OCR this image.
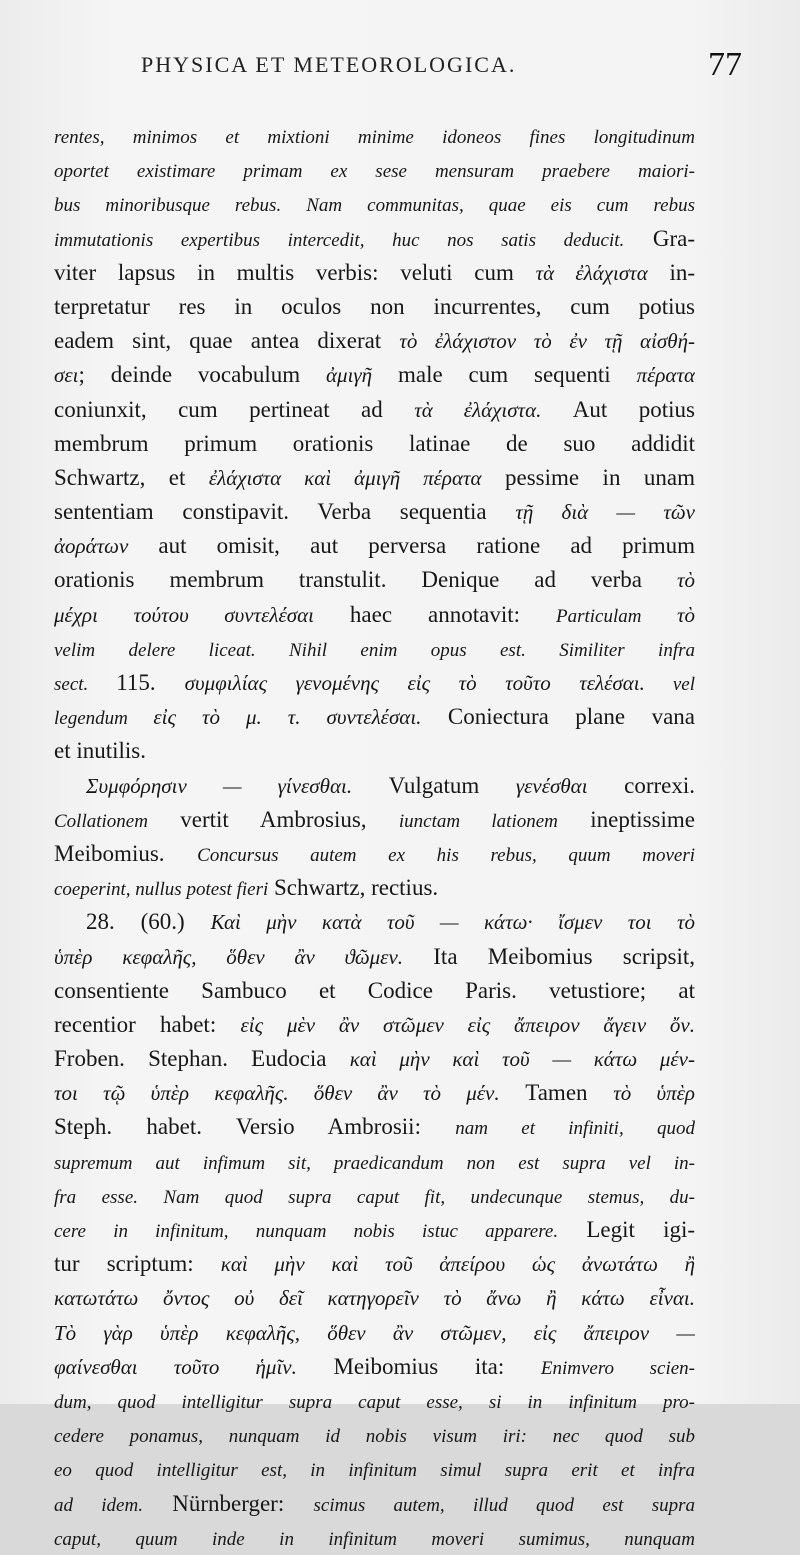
PHYSICA ET METEOROLOGICA.	77
rentes, minimos et mixtioni minime idoneos fines longitudinum
oportet existimare primam ex sese mensuram praebere maiori-
bus minoribusque rebus. Nam communitas, quae eis cum rebus
immutationis expertibus intercedit, huc nos satis deducit. Gra-
viter lapsus in multis verbis: veluti cum τὰ ἐλάχιστα in-
terpretatur res in oculos non incurrentes, cum potius
eadem sint, quae antea dixerat τὸ ἐλάχιστον τὸ ἐν τῇ αἰσθή-
σει; deinde vocabulum ἀμιγῆ male cum sequenti πέρατα
coniunxit, cum pertineat ad τὰ ἐλάχιστα. Aut potius
membrum primum orationis latinae de suo addidit
Schwartz, et ἐλάχιστα καὶ ἀμιγῆ πέρατα pessime in unam
sententiam constipavit. Verba sequentia τῇ διὰ — τῶν
ἀοράτων aut omisit, aut perversa ratione ad primum
orationis membrum transtulit. Denique ad verba τὸ
μέχρι τούτου συντελέσαι haec annotavit: Particulam τὸ
velim delere liceat. Nihil enim opus est. Similiter infra
sect. 115. συμφιλίας γενομένης εἰς τὸ τοῦτο τελέσαι. vel
legendum εἰς τὸ μ. τ. συντελέσαι. Coniectura plane vana
et inutilis.
Συμφόρησιν — γίνεσθαι. Vulgatum γενέσθαι correxi.
Collationem vertit Ambrosius, iunctam lationem ineptissime
Meibomius. Concursus autem ex his rebus, quum moveri
coeperint, nullus potest fieri Schwartz, rectius.
28. (60.) Καὶ μὴν κατὰ τοῦ — κάτω· ἴσμεν τοι τὸ
ὑπὲρ κεφαλῆς, ὅθεν ἂν ϑῶμεν. Ita Meibomius scripsit,
consentiente Sambuco et Codice Paris. vetustiore; at
recentior habet: εἰς μὲν ἂν στῶμεν εἰς ἄπειρον ἄγειν ὄν.
Froben. Stephan. Eudocia καὶ μὴν καὶ τοῦ — κάτω μέν-
τοι τῷ ὑπὲρ κεφαλῆς. ὅθεν ἂν τὸ μέν. Tamen τὸ ὑπὲρ
Steph. habet. Versio Ambrosii: nam et infiniti, quod
supremum aut infimum sit, praedicandum non est supra vel in-
fra esse. Nam quod supra caput fit, undecunque stemus, du-
cere in infinitum, nunquam nobis istuc apparere. Legit igi-
tur scriptum: καὶ μὴν καὶ τοῦ ἀπείρου ὡς ἀνωτάτω ἢ
κατωτάτω ὄντος οὐ δεῖ κατηγορεῖν τὸ ἄνω ἢ κάτω εἶναι.
Τὸ γὰρ ὑπὲρ κεφαλῆς, ὅθεν ἂν στῶμεν, εἰς ἄπειρον —
φαίνεσθαι τοῦτο ἡμῖν. Meibomius ita: Enimvero scien-
dum, quod intelligitur supra caput esse, si in infinitum pro-
cedere ponamus, nunquam id nobis visum iri: nec quod sub
eo quod intelligitur est, in infinitum simul supra erit et infra
ad idem. Nürnberger: scimus autem, illud quod est supra
caput, quum inde in infinitum moveri sumimus, nunquam
